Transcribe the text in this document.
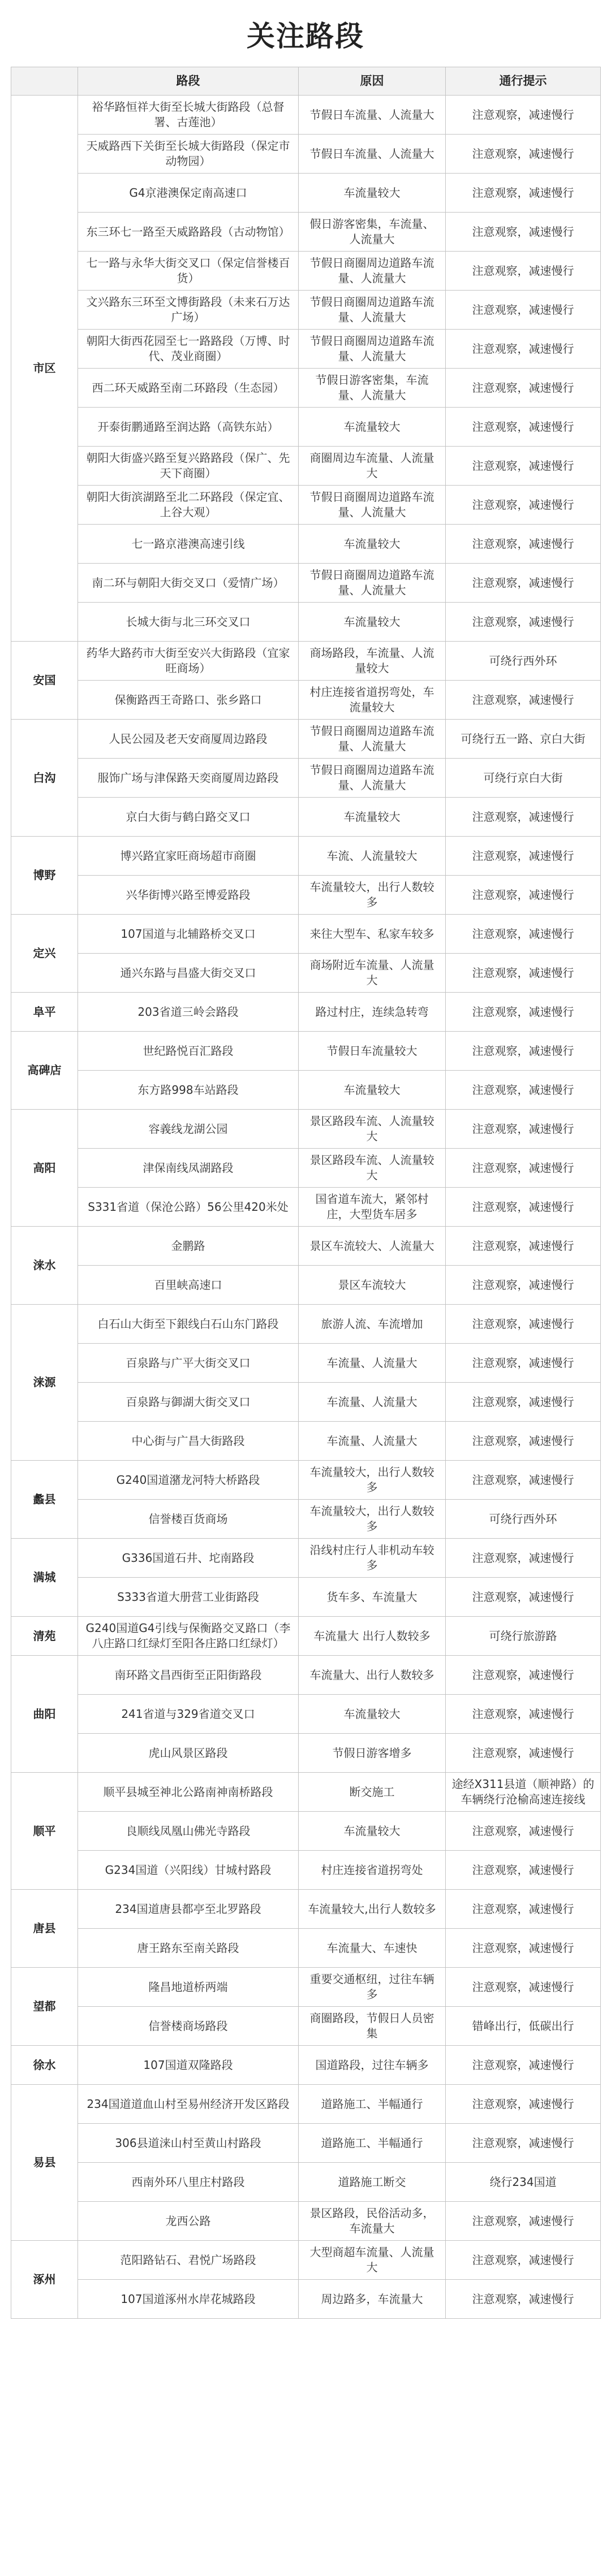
关注路段
	路段	原因	通行提示
市区	裕华路恒祥大街至长城大街路段（总督署、古莲池）	节假日车流量、人流量大	注意观察，减速慢行
	天威路西下关街至长城大街路段（保定市动物园）	节假日车流量、人流量大	注意观察，减速慢行
	G4京港澳保定南高速口	车流量较大	注意观察，减速慢行
	东三环七一路至天威路路段（古动物馆）	假日游客密集，车流量、人流量大	注意观察，减速慢行
	七一路与永华大街交叉口（保定信誉楼百货）	节假日商圈周边道路车流量、人流量大	注意观察，减速慢行
	文兴路东三环至文博街路段（未来石万达广场）	节假日商圈周边道路车流量、人流量大	注意观察，减速慢行
	朝阳大街西花园至七一路路段（万博、时代、茂业商圈）	节假日商圈周边道路车流量、人流量大	注意观察，减速慢行
	西二环天威路至南二环路段（生态园）	节假日游客密集，车流量、人流量大	注意观察，减速慢行
	开泰街鹏通路至润达路（高铁东站）	车流量较大	注意观察，减速慢行
	朝阳大街盛兴路至复兴路路段（保广、先天下商圈）	商圈周边车流量、人流量大	注意观察，减速慢行
	朝阳大街滨湖路至北二环路段（保定宜、上谷大观）	节假日商圈周边道路车流量、人流量大	注意观察，减速慢行
	七一路京港澳高速引线	车流量较大	注意观察，减速慢行
	南二环与朝阳大街交叉口（爱情广场）	节假日商圈周边道路车流量、人流量大	注意观察，减速慢行
	长城大街与北三环交叉口	车流量较大	注意观察，减速慢行
安国	药华大路药市大街至安兴大街路段（宜家旺商场）	商场路段，车流量、人流量较大	可绕行西外环
	保衡路西王奇路口、张乡路口	村庄连接省道拐弯处，车流量较大	注意观察，减速慢行
白沟	人民公园及老天安商厦周边路段	节假日商圈周边道路车流量、人流量大	可绕行五一路、京白大街
	服饰广场与津保路天奕商厦周边路段	节假日商圈周边道路车流量、人流量大	可绕行京白大街
	京白大街与鹤白路交叉口	车流量较大	注意观察，减速慢行
博野	博兴路宜家旺商场超市商圈	车流、人流量较大	注意观察，减速慢行
	兴华街博兴路至博爱路段	车流量较大，出行人数较多	注意观察，减速慢行
定兴	107国道与北辅路桥交叉口	来往大型车、私家车较多	注意观察，减速慢行
	通兴东路与昌盛大街交叉口	商场附近车流量、人流量大	注意观察，减速慢行
阜平	203省道三岭会路段	路过村庄，连续急转弯	注意观察，减速慢行
高碑店	世纪路悦百汇路段	节假日车流量较大	注意观察，减速慢行
	东方路998车站路段	车流量较大	注意观察，减速慢行
高阳	容義线龙湖公园	景区路段车流、人流量较大	注意观察，减速慢行
	津保南线凤湖路段	景区路段车流、人流量较大	注意观察，减速慢行
	S331省道（保沧公路）56公里420米处	国省道车流大，紧邻村庄，大型货车居多	注意观察，减速慢行
涞水	金鹏路	景区车流较大、人流量大	注意观察，减速慢行
	百里峡高速口	景区车流较大	注意观察，减速慢行
涞源	白石山大街至下銀线白石山东门路段	旅游人流、车流增加	注意观察，减速慢行
	百泉路与广平大街交叉口	车流量、人流量大	注意观察，减速慢行
	百泉路与御湖大街交叉口	车流量、人流量大	注意观察，减速慢行
	中心街与广昌大街路段	车流量、人流量大	注意观察，减速慢行
蠡县	G240国道潴龙河特大桥路段	车流量较大，出行人数较多	注意观察，减速慢行
	信誉楼百货商场	车流量较大，出行人数较多	可绕行西外环
满城	G336国道石井、坨南路段	沿线村庄行人非机动车较多	注意观察，减速慢行
	S333省道大册营工业街路段	货车多、车流量大	注意观察，减速慢行
清苑	G240国道G4引线与保衡路交叉路口（李八庄路口红绿灯至阳各庄路口红绿灯）	车流量大 出行人数较多	可绕行旅游路
曲阳	南环路文昌西街至正阳街路段	车流量大、出行人数较多	注意观察，减速慢行
	241省道与329省道交叉口	车流量较大	注意观察，减速慢行
	虎山风景区路段	节假日游客增多	注意观察，减速慢行
顺平	顺平县城至神北公路南神南桥路段	断交施工	途经X311县道（顺神路）的车辆绕行沧榆高速连接线
	良顺线凤凰山佛光寺路段	车流量较大	注意观察，减速慢行
	G234国道（兴阳线）甘城村路段	村庄连接省道拐弯处	注意观察，减速慢行
唐县	234国道唐县都亭至北罗路段	车流量较大,出行人数较多	注意观察，减速慢行
	唐王路东至南关路段	车流量大、车速快	注意观察，减速慢行
望都	隆昌地道桥两端	重要交通枢纽，过往车辆多	注意观察，减速慢行
	信誉楼商场路段	商圈路段，节假日人员密集	错峰出行，低碳出行
徐水	107国道双隆路段	国道路段，过往车辆多	注意观察，减速慢行
易县	234国道道血山村至易州经济开发区路段	道路施工、半幅通行	注意观察，减速慢行
	306县道涞山村至黄山村路段	道路施工、半幅通行	注意观察，减速慢行
	西南外环八里庄村路段	道路施工断交	绕行234国道
	龙西公路	景区路段，民俗活动多，车流量大	注意观察，减速慢行
涿州	范阳路钻石、君悦广场路段	大型商超车流量、人流量大	注意观察，减速慢行
	107国道涿州水岸花城路段	周边路多，车流量大	注意观察，减速慢行
